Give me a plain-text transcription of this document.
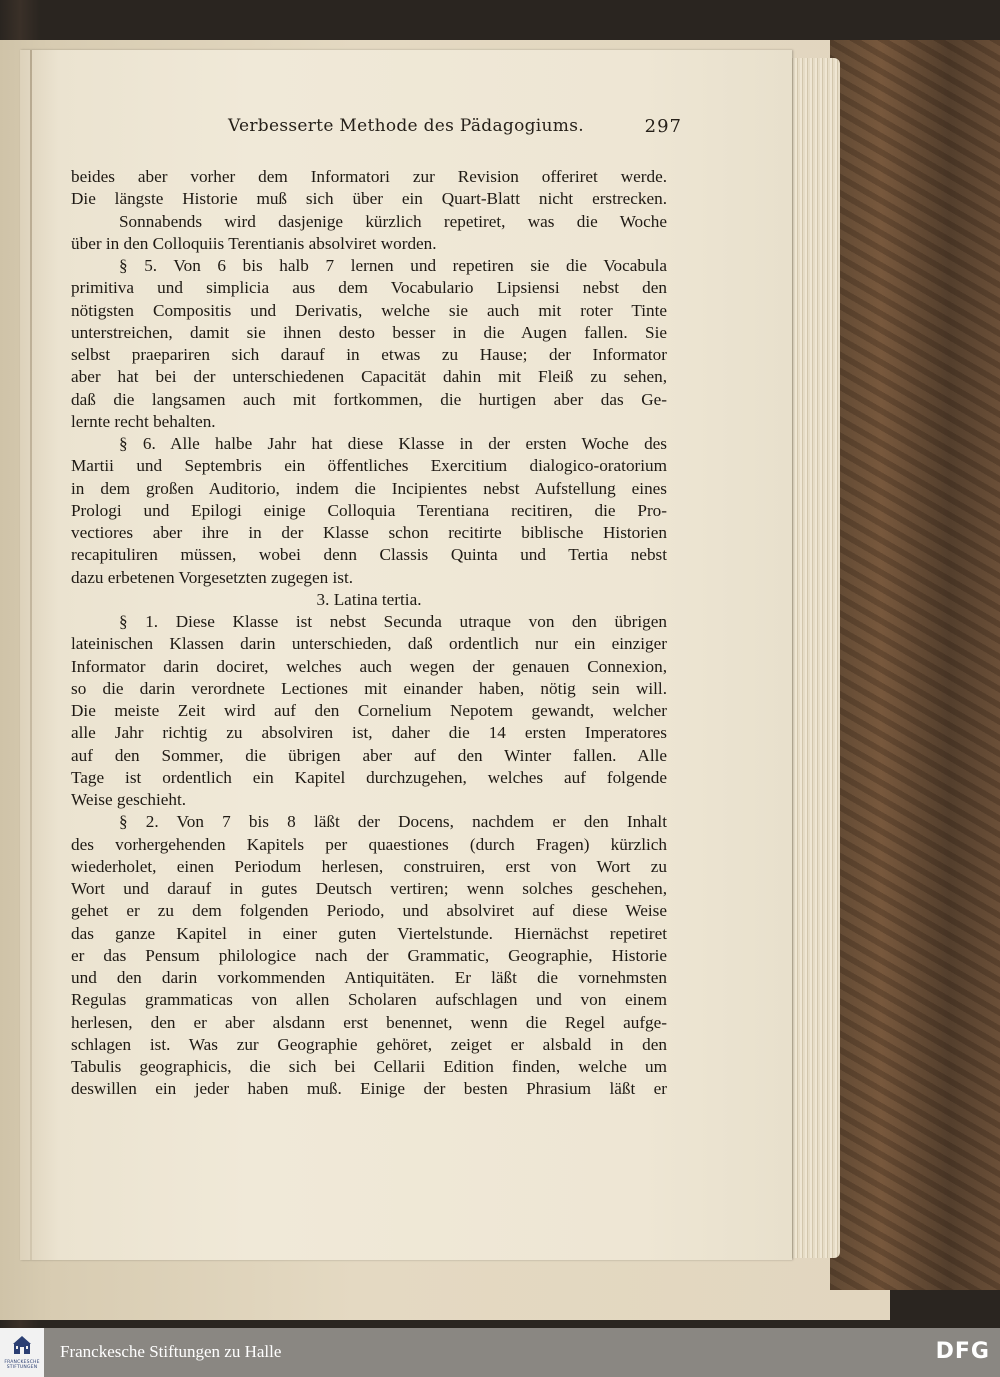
Verbesserte Methode des Pädagogiums.	297
beides aber vorher dem Informatori zur Revision offeriret werde.
Die längste Historie muß sich über ein Quart-Blatt nicht erstrecken.
Sonnabends wird dasjenige kürzlich repetiret, was die Woche
über in den Colloquiis Terentianis absolviret worden.
§ 5. Von 6 bis halb 7 lernen und repetiren sie die Vocabula
primitiva und simplicia aus dem Vocabulario Lipsiensi nebst den
nötigsten Compositis und Derivatis, welche sie auch mit roter Tinte
unterstreichen, damit sie ihnen desto besser in die Augen fallen. Sie
selbst praepariren sich darauf in etwas zu Hause; der Informator
aber hat bei der unterschiedenen Capacität dahin mit Fleiß zu sehen,
daß die langsamen auch mit fortkommen, die hurtigen aber das Ge-
lernte recht behalten.
§ 6. Alle halbe Jahr hat diese Klasse in der ersten Woche des
Martii und Septembris ein öffentliches Exercitium dialogico-oratorium
in dem großen Auditorio, indem die Incipientes nebst Aufstellung eines
Prologi und Epilogi einige Colloquia Terentiana recitiren, die Pro-
vectiores aber ihre in der Klasse schon recitirte biblische Historien
recapituliren müssen, wobei denn Classis Quinta und Tertia nebst
dazu erbetenen Vorgesetzten zugegen ist.
3. Latina tertia.
§ 1. Diese Klasse ist nebst Secunda utraque von den übrigen
lateinischen Klassen darin unterschieden, daß ordentlich nur ein einziger
Informator darin dociret, welches auch wegen der genauen Connexion,
so die darin verordnete Lectiones mit einander haben, nötig sein will.
Die meiste Zeit wird auf den Cornelium Nepotem gewandt, welcher
alle Jahr richtig zu absolviren ist, daher die 14 ersten Imperatores
auf den Sommer, die übrigen aber auf den Winter fallen. Alle
Tage ist ordentlich ein Kapitel durchzugehen, welches auf folgende
Weise geschieht.
§ 2. Von 7 bis 8 läßt der Docens, nachdem er den Inhalt
des vorhergehenden Kapitels per quaestiones (durch Fragen) kürzlich
wiederholet, einen Periodum herlesen, construiren, erst von Wort zu
Wort und darauf in gutes Deutsch vertiren; wenn solches geschehen,
gehet er zu dem folgenden Periodo, und absolviret auf diese Weise
das ganze Kapitel in einer guten Viertelstunde. Hiernächst repetiret
er das Pensum philologice nach der Grammatic, Geographie, Historie
und den darin vorkommenden Antiquitäten. Er läßt die vornehmsten
Regulas grammaticas von allen Scholaren aufschlagen und von einem
herlesen, den er aber alsdann erst benennet, wenn die Regel aufge-
schlagen ist. Was zur Geographie gehöret, zeiget er alsbald in den
Tabulis geographicis, die sich bei Cellarii Edition finden, welche um
deswillen ein jeder haben muß. Einige der besten Phrasium läßt er
FRANCKESCHE STIFTUNGEN
Franckesche Stiftungen zu Halle	DFG
